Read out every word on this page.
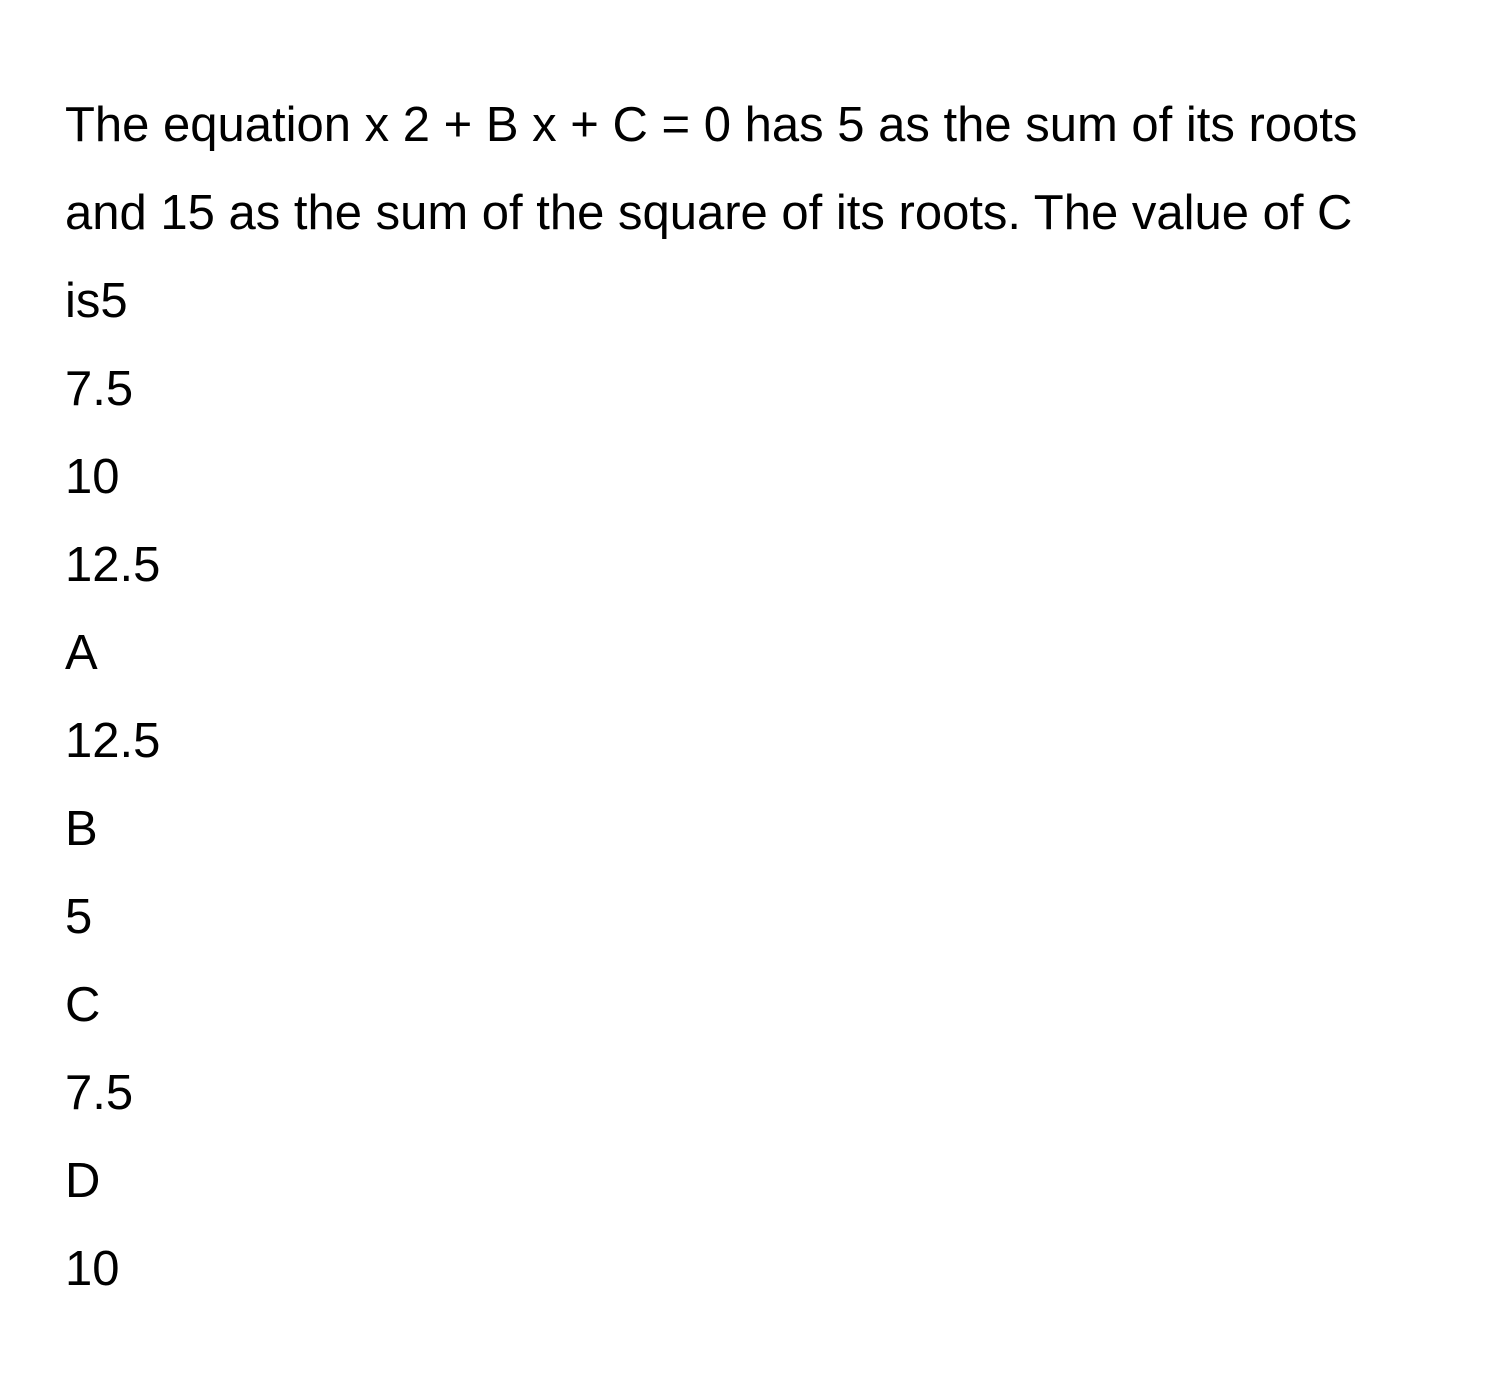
The equation x 2 + B x + C = 0 has 5 as the sum of its roots and 15 as the sum of the square of its roots. The value of C is5

7.5
10
12.5
A
12.5
B
5
C
7.5
D
10
